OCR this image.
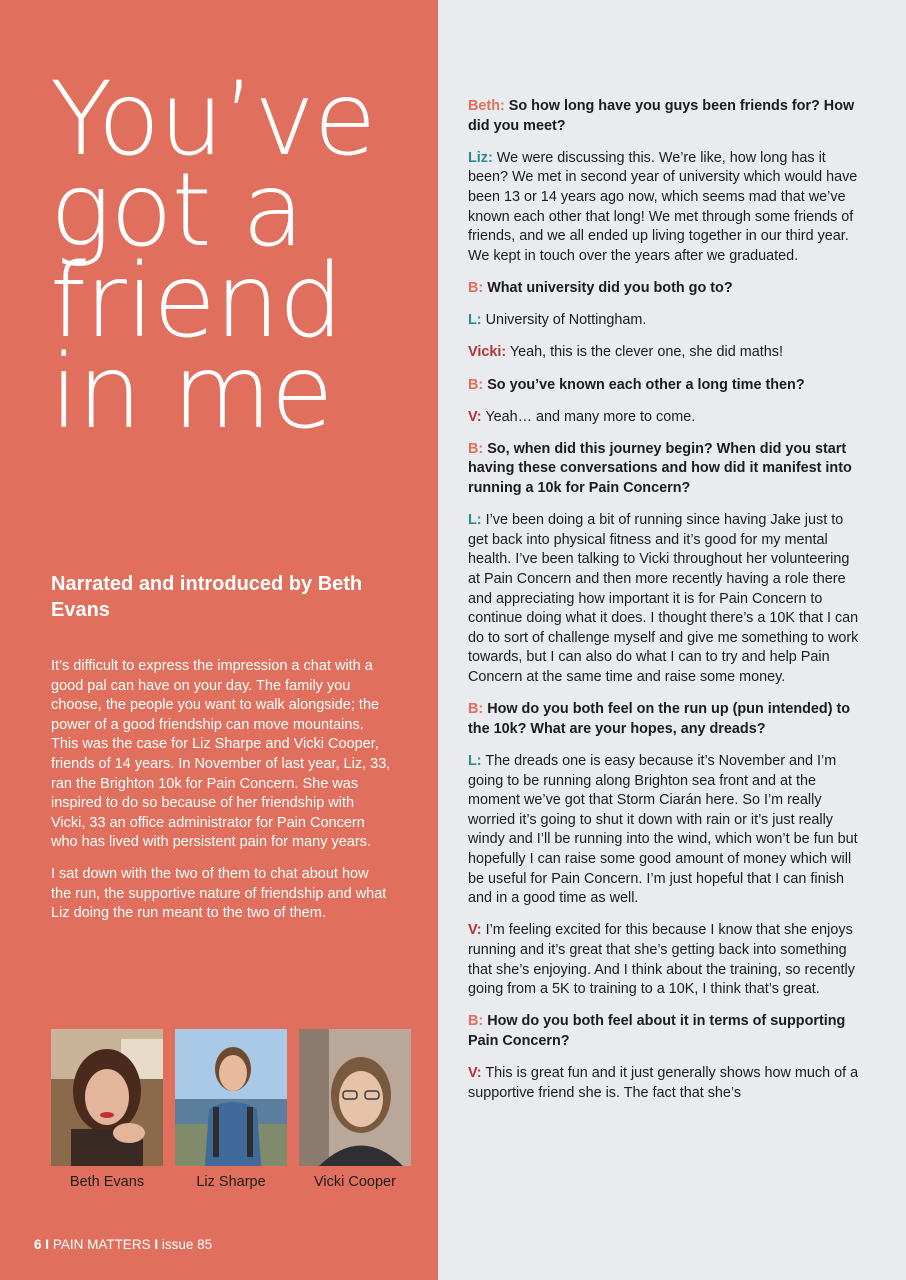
You’ve
got a
friend
in me
Narrated and introduced by Beth Evans

It’s difficult to express the impression a chat with a good pal can have on your day. The family you choose, the people you want to walk alongside; the power of a good friendship can move mountains. This was the case for Liz Sharpe and Vicki Cooper, friends of 14 years. In November of last year, Liz, 33, ran the Brighton 10k for Pain Concern. She was inspired to do so because of her friendship with Vicki, 33 an office administrator for Pain Concern who has lived with persistent pain for many years.

I sat down with the two of them to chat about how the run, the supportive nature of friendship and what Liz doing the run meant to the two of them.

Beth Evans	Liz Sharpe	Vicki Cooper
6 I PAIN MATTERS I issue 85

Beth: So how long have you guys been friends for? How did you meet?

Liz: We were discussing this. We’re like, how long has it been? We met in second year of university which would have been 13 or 14 years ago now, which seems mad that we’ve known each other that long! We met through some friends of friends, and we all ended up living together in our third year. We kept in touch over the years after we graduated.

B: What university did you both go to?

L: University of Nottingham.

Vicki: Yeah, this is the clever one, she did maths!

B: So you’ve known each other a long time then?

V: Yeah… and many more to come.

B: So, when did this journey begin? When did you start having these conversations and how did it manifest into running a 10k for Pain Concern?

L: I’ve been doing a bit of running since having Jake just to get back into physical fitness and it’s good for my mental health. I’ve been talking to Vicki throughout her volunteering at Pain Concern and then more recently having a role there and appreciating how important it is for Pain Concern to continue doing what it does. I thought there’s a 10K that I can do to sort of challenge myself and give me something to work towards, but I can also do what I can to try and help Pain Concern at the same time and raise some money.

B: How do you both feel on the run up (pun intended) to the 10k? What are your hopes, any dreads?

L: The dreads one is easy because it’s November and I’m going to be running along Brighton sea front and at the moment we’ve got that Storm Ciarán here. So I’m really worried it’s going to shut it down with rain or it’s just really windy and I’ll be running into the wind, which won’t be fun but hopefully I can raise some good amount of money which will be useful for Pain Concern. I’m just hopeful that I can finish and in a good time as well.

V: I’m feeling excited for this because I know that she enjoys running and it’s great that she’s getting back into something that she’s enjoying. And I think about the training, so recently going from a 5K to training to a 10K, I think that’s great.

B: How do you both feel about it in terms of supporting Pain Concern?

V: This is great fun and it just generally shows how much of a supportive friend she is. The fact that she’s
